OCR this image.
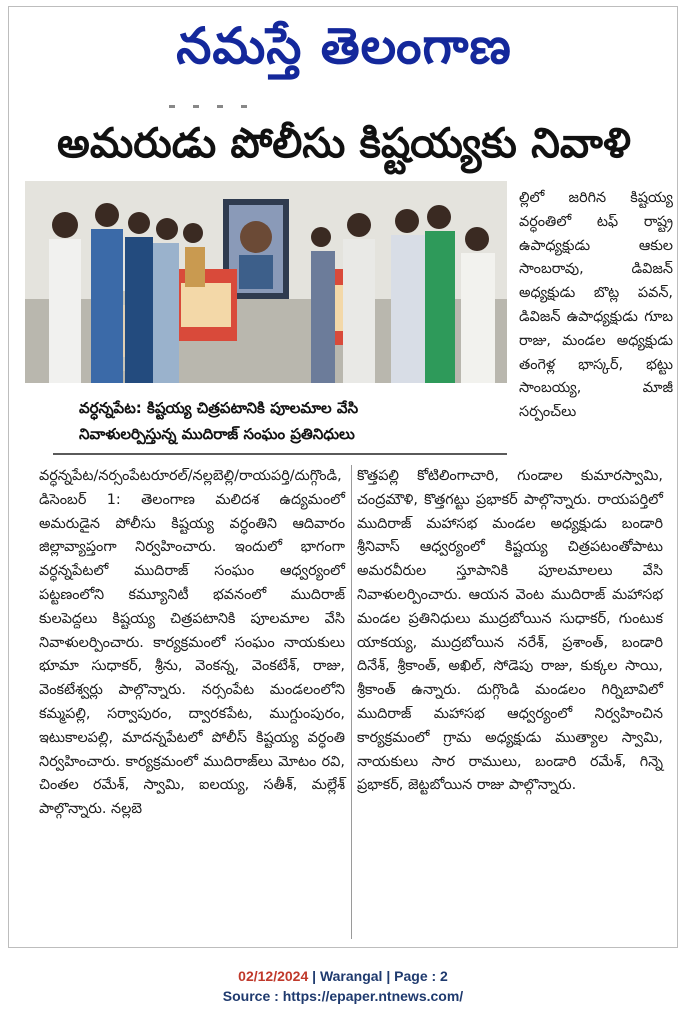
నమస్తే తెలంగాణ
అమరుడు పోలీసు కిష్టయ్యకు నివాళి
వర్ధన్నపేట: కిష్టయ్య చిత్రపటానికి పూలమాల వేసి
నివాళులర్పిస్తున్న ముదిరాజ్ సంఘం ప్రతినిధులు
ల్లిలో జరిగిన కిష్టయ్య వర్ధంతిలో టఫ్ రాష్ట్ర ఉపాధ్యక్షుడు ఆకుల సాంబరావు, డివిజన్ అధ్యక్షుడు బొట్ల పవన్, డివిజన్ ఉపాధ్యక్షుడు గూబ రాజు, మండల అధ్యక్షుడు తంగెళ్ల భాస్కర్, భట్టు సాంబయ్య, మాజీ సర్పంచ్‌లు
వర్ధన్నపేట/నర్సంపేటరూరల్/నల్లబెల్లి/రాయపర్తి/దుగ్గొండి, డిసెంబర్ 1: తెలంగాణ మలిదశ ఉద్యమంలో అమరుడైన పోలీసు కిష్టయ్య వర్ధంతిని ఆదివారం జిల్లావ్యాప్తంగా నిర్వహించారు. ఇందులో భాగంగా వర్ధన్నపేటలో ముదిరాజ్ సంఘం ఆధ్వర్యంలో పట్టణంలోని కమ్యూనిటీ భవనంలో ముదిరాజ్ కులపెద్దలు కిష్టయ్య చిత్రపటానికి పూలమాల వేసి నివాళులర్పించారు. కార్యక్రమంలో సంఘం నాయకులు భూమా సుధాకర్, శ్రీను, వెంకన్న, వెంకటేశ్, రాజు, వెంకటేశ్వర్లు పాల్గొన్నారు. నర్సంపేట మండలంలోని కమ్మపల్లి, సర్వాపురం, ద్వారకపేట, ముగ్దుంపురం, ఇటుకాలపల్లి, మాదన్నపేటలో పోలీస్ కిష్టయ్య వర్ధంతి నిర్వహించారు. కార్యక్రమంలో ముదిరాజ్‌లు మోటం రవి, చింతల రమేశ్, స్వామి, ఐలయ్య, సతీశ్, మల్లేశ్ పాల్గొన్నారు. నల్లబె
కొత్తపల్లి కోటిలింగాచారి, గుండాల కుమారస్వామి, చంద్రమౌళి, కొత్తగట్టు ప్రభాకర్ పాల్గొన్నారు. రాయపర్తిలో ముదిరాజ్ మహాసభ మండల అధ్యక్షుడు బండారి శ్రీనివాస్ ఆధ్వర్యంలో కిష్టయ్య చిత్రపటంతోపాటు అమరవీరుల స్తూపానికి పూలమాలలు వేసి నివాళులర్పించారు. ఆయన వెంట ముదిరాజ్ మహాసభ మండల ప్రతినిధులు ముద్రబోయిన సుధాకర్, గుంటుక యాకయ్య, ముద్రబోయిన నరేశ్, ప్రశాంత్, బండారి దినేశ్, శ్రీకాంత్, అఖిల్, సోడెపు రాజు, కుక్కల సాయి, శ్రీకాంత్ ఉన్నారు. దుగ్గొండి మండలం గిర్నిబావిలో ముదిరాజ్ మహాసభ ఆధ్వర్యంలో నిర్వహించిన కార్యక్రమంలో గ్రామ అధ్యక్షుడు ముత్యాల స్వామి, నాయకులు సార రాములు, బండారి రమేశ్, గిన్నె ప్రభాకర్, జెట్టబోయిన రాజు పాల్గొన్నారు.
02/12/2024 | Warangal | Page : 2
Source : https://epaper.ntnews.com/
